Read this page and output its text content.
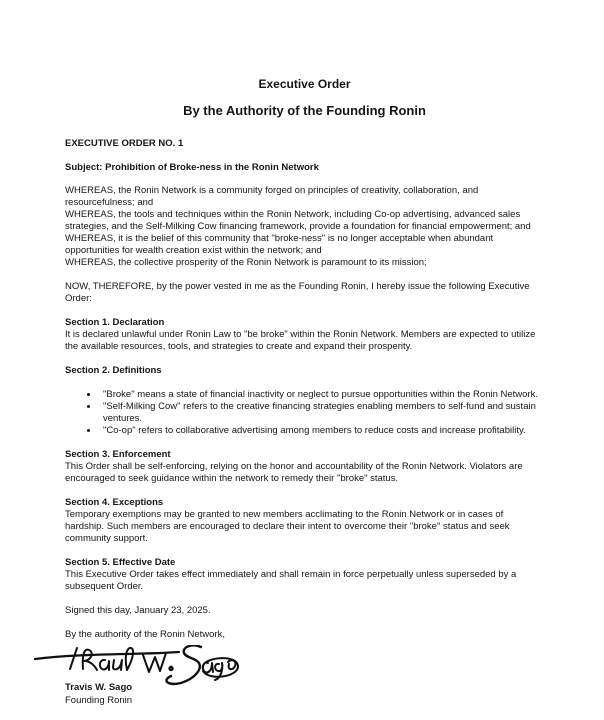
Executive Order
By the Authority of the Founding Ronin
EXECUTIVE ORDER NO. 1
Subject: Prohibition of Broke-ness in the Ronin Network
WHEREAS, the Ronin Network is a community forged on principles of creativity, collaboration, and resourcefulness; and
WHEREAS, the tools and techniques within the Ronin Network, including Co-op advertising, advanced sales strategies, and the Self-Milking Cow financing framework, provide a foundation for financial empowerment; and
WHEREAS, it is the belief of this community that "broke-ness" is no longer acceptable when abundant opportunities for wealth creation exist within the network; and
WHEREAS, the collective prosperity of the Ronin Network is paramount to its mission;

NOW, THEREFORE, by the power vested in me as the Founding Ronin, I hereby issue the following Executive Order:

Section 1. Declaration
It is declared unlawful under Ronin Law to "be broke" within the Ronin Network. Members are expected to utilize the available resources, tools, and strategies to create and expand their prosperity.
Section 2. Definitions
• "Broke" means a state of financial inactivity or neglect to pursue opportunities within the Ronin Network.
• "Self-Milking Cow" refers to the creative financing strategies enabling members to self-fund and sustain ventures.
• "Co-op" refers to collaborative advertising among members to reduce costs and increase profitability.
Section 3. Enforcement
This Order shall be self-enforcing, relying on the honor and accountability of the Ronin Network. Violators are encouraged to seek guidance within the network to remedy their "broke" status.
Section 4. Exceptions
Temporary exemptions may be granted to new members acclimating to the Ronin Network or in cases of hardship. Such members are encouraged to declare their intent to overcome their "broke" status and seek community support.
Section 5. Effective Date
This Executive Order takes effect immediately and shall remain in force perpetually unless superseded by a subsequent Order.

Signed this day, January 23, 2025.

By the authority of the Ronin Network,

Travis W. Sago
Founding Ronin
